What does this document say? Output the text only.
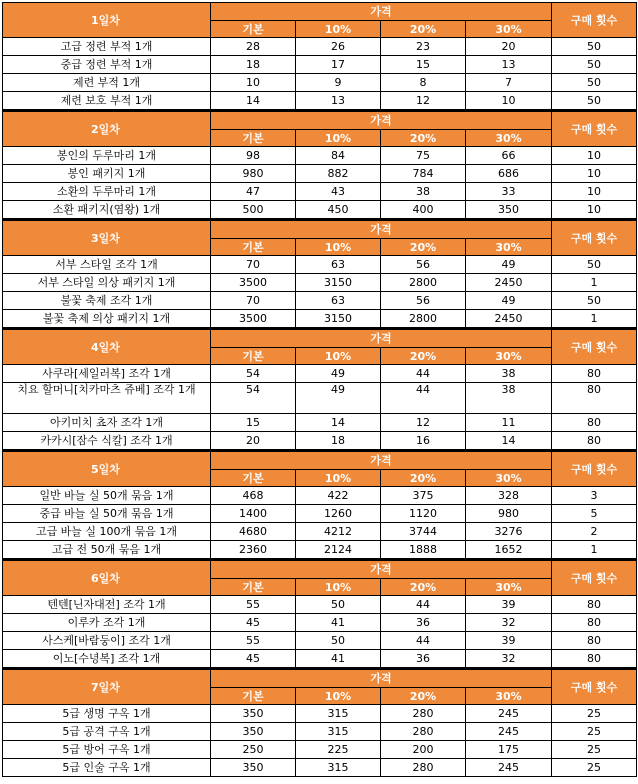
1일차	가격				구매 횟수
	기본	10%	20%	30%	
고급 정련 부적 1개	28	26	23	20	50
중급 정련 부적 1개	18	17	15	13	50
제련 부적 1개	10	9	8	7	50
제련 보호 부적 1개	14	13	12	10	50
2일차	가격				구매 횟수
	기본	10%	20%	30%	
봉인의 두루마리 1개	98	84	75	66	10
봉인 패키지 1개	980	882	784	686	10
소환의 두루마리 1개	47	43	38	33	10
소환 패키지(염왕) 1개	500	450	400	350	10
3일차	가격				구매 횟수
	기본	10%	20%	30%	
서부 스타일 조각 1개	70	63	56	49	50
서부 스타일 의상 패키지 1개	3500	3150	2800	2450	1
불꽃 축제 조각 1개	70	63	56	49	50
불꽃 축제 의상 패키지 1개	3500	3150	2800	2450	1
4일차	가격				구매 횟수
	기본	10%	20%	30%	
사쿠라[세일러복] 조각 1개	54	49	44	38	80
치요 할머니[치카마츠 쥬베] 조각 1개	54	49	44	38	80
아키미치 쵸자 조각 1개	15	14	12	11	80
카카시[잠수 식칼] 조각 1개	20	18	16	14	80
5일차	가격				구매 횟수
	기본	10%	20%	30%	
일반 바늘 실 50개 묶음 1개	468	422	375	328	3
중급 바늘 실 50개 묶음 1개	1400	1260	1120	980	5
고급 바늘 실 100개 묶음 1개	4680	4212	3744	3276	2
고급 전 50개 묶음 1개	2360	2124	1888	1652	1
6일차	가격				구매 횟수
	기본	10%	20%	30%	
텐텐[닌자대전] 조각 1개	55	50	44	39	80
이루카 조각 1개	45	41	36	32	80
사스케[바람둥이] 조각 1개	55	50	44	39	80
이노[수녕복] 조각 1개	45	41	36	32	80
7일차	가격				구매 횟수
	기본	10%	20%	30%	
5급 생명 구옥 1개	350	315	280	245	25
5급 공격 구옥 1개	350	315	280	245	25
5급 방어 구옥 1개	250	225	200	175	25
5급 인술 구옥 1개	350	315	280	245	25
